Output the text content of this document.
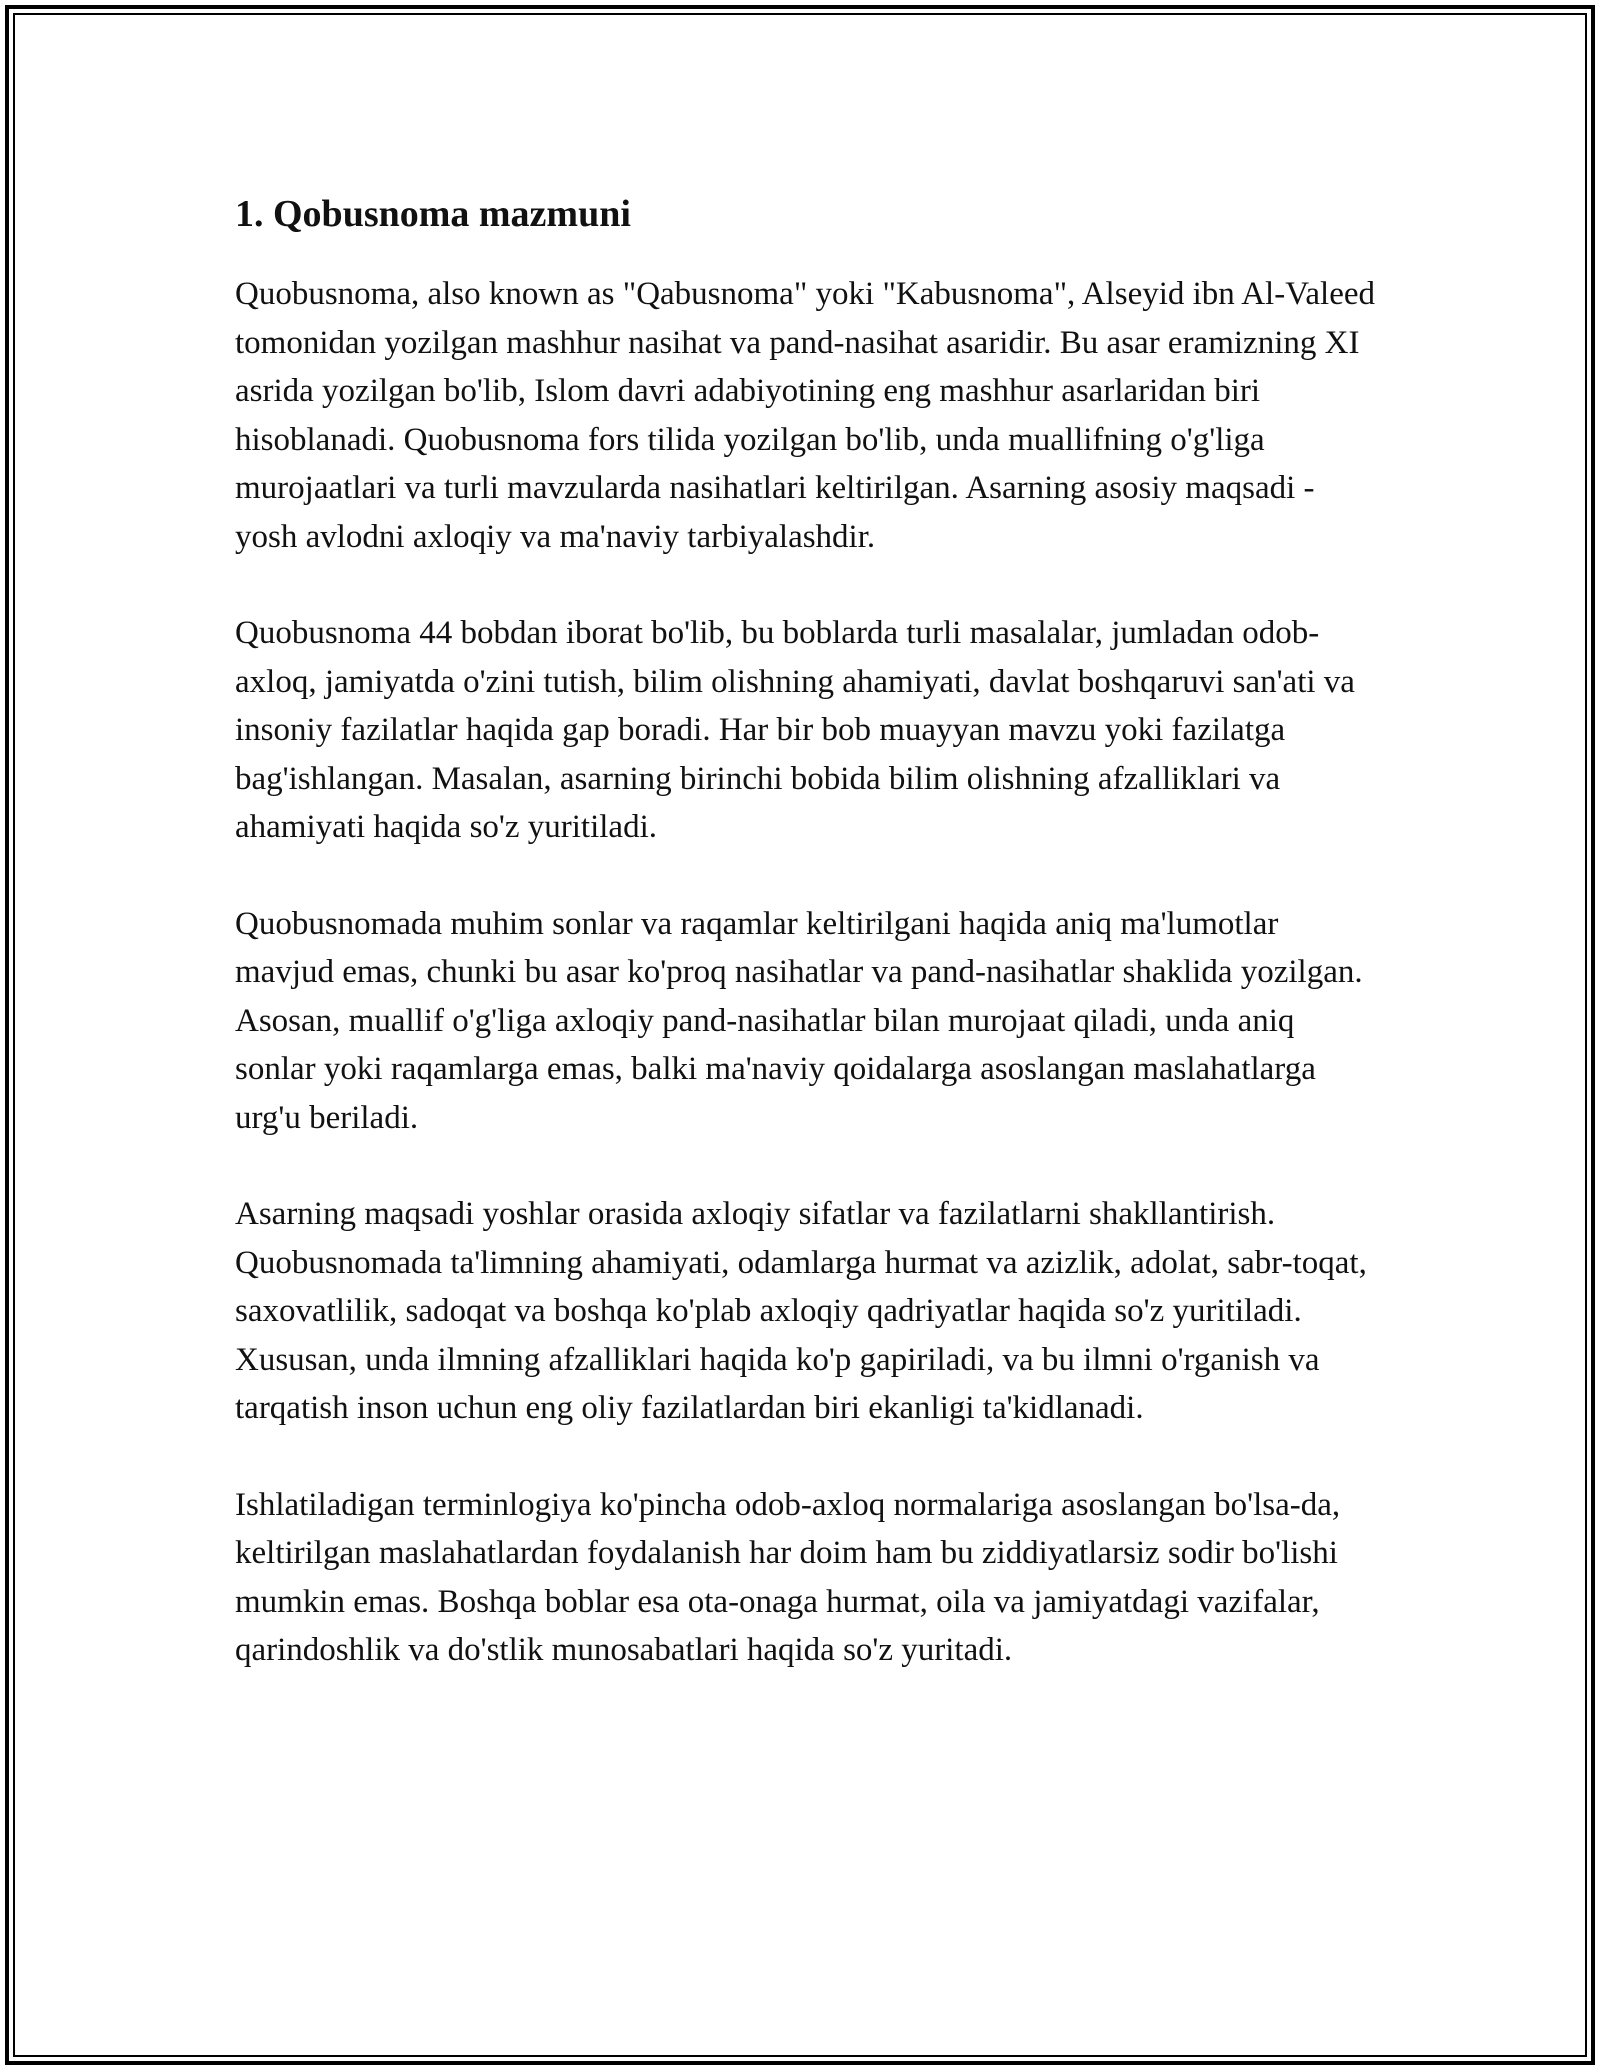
1. Qobusnoma mazmuni

Quobusnoma, also known as "Qabusnoma" yoki "Kabusnoma", Alseyid ibn Al-Valeed tomonidan yozilgan mashhur nasihat va pand-nasihat asaridir. Bu asar eramizning XI asrida yozilgan bo'lib, Islom davri adabiyotining eng mashhur asarlaridan biri hisoblanadi. Quobusnoma fors tilida yozilgan bo'lib, unda muallifning o'g'liga murojaatlari va turli mavzularda nasihatlari keltirilgan. Asarning asosiy maqsadi - yosh avlodni axloqiy va ma'naviy tarbiyalashdir.

Quobusnoma 44 bobdan iborat bo'lib, bu boblarda turli masalalar, jumladan odob-axloq, jamiyatda o'zini tutish, bilim olishning ahamiyati, davlat boshqaruvi san'ati va insoniy fazilatlar haqida gap boradi. Har bir bob muayyan mavzu yoki fazilatga bag'ishlangan. Masalan, asarning birinchi bobida bilim olishning afzalliklari va ahamiyati haqida so'z yuritiladi.

Quobusnomada muhim sonlar va raqamlar keltirilgani haqida aniq ma'lumotlar mavjud emas, chunki bu asar ko'proq nasihatlar va pand-nasihatlar shaklida yozilgan. Asosan, muallif o'g'liga axloqiy pand-nasihatlar bilan murojaat qiladi, unda aniq sonlar yoki raqamlarga emas, balki ma'naviy qoidalarga asoslangan maslahatlarga urg'u beriladi.

Asarning maqsadi yoshlar orasida axloqiy sifatlar va fazilatlarni shakllantirish. Quobusnomada ta'limning ahamiyati, odamlarga hurmat va azizlik, adolat, sabr-toqat, saxovatlilik, sadoqat va boshqa ko'plab axloqiy qadriyatlar haqida so'z yuritiladi. Xususan, unda ilmning afzalliklari haqida ko'p gapiriladi, va bu ilmni o'rganish va tarqatish inson uchun eng oliy fazilatlardan biri ekanligi ta'kidlanadi.

Ishlatiladigan terminlogiya ko'pincha odob-axloq normalariga asoslangan bo'lsa-da, keltirilgan maslahatlardan foydalanish har doim ham bu ziddiyatlarsiz sodir bo'lishi mumkin emas. Boshqa boblar esa ota-onaga hurmat, oila va jamiyatdagi vazifalar, qarindoshlik va do'stlik munosabatlari haqida so'z yuritadi.
